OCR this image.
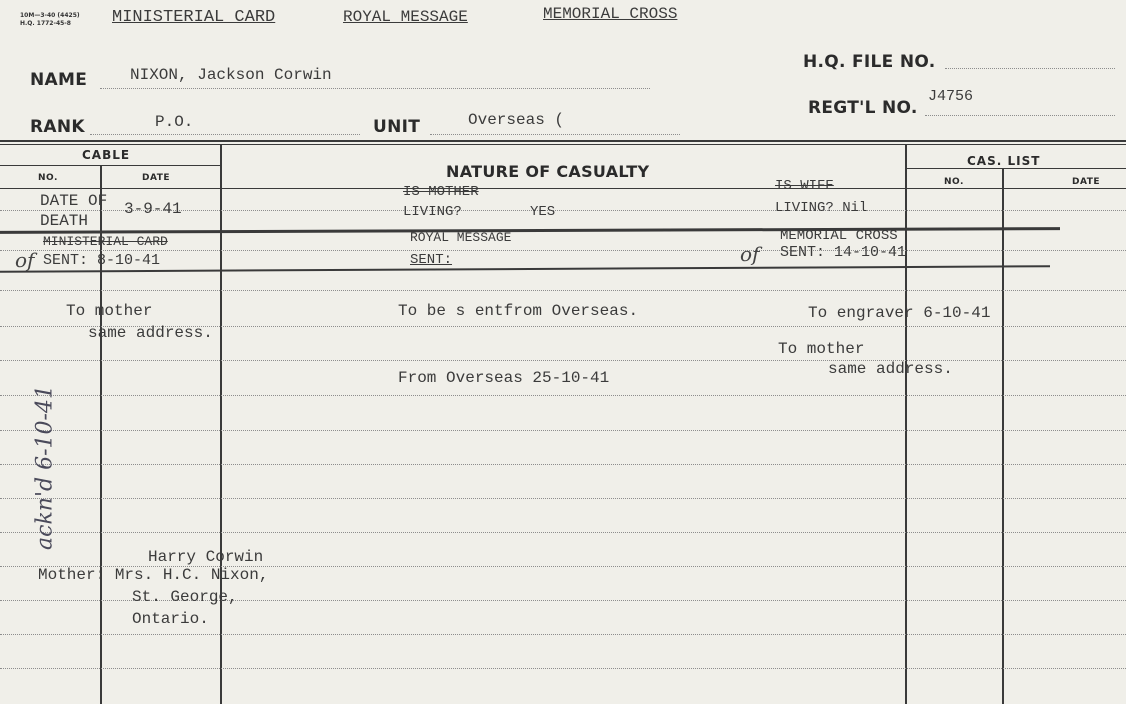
10M—3-40 (4425)
H.Q. 1772-45-8 MINISTERIAL CARD	ROYAL MESSAGE	MEMORIAL CROSS
H.Q. FILE NO.
NAME	NIXON, Jackson Corwin
REGT'L NO.
J4756
RANK	P.O.	UNIT	Overseas (
CABLE
NO.	DATE	NATURE OF CASUALTY
CAS. LIST
NO.	DATE
DATE OF
DEATH
3-9-41
IS MOTHER
LIVING?	YES
IS WIFE
LIVING? Nil
of
MINISTERIAL CARD
SENT: 8-10-41
ROYAL MESSAGE
SENT:	of
MEMORIAL CROSS
SENT: 14-10-41
To mother
same address.
To be s entfrom Overseas.
From Overseas 25-10-41
To engraver 6-10-41
To mother
same address.
Harry Corwin
Mother: Mrs. H.C. Nixon,
St. George,
Ontario.
ackn'd 6-10-41
